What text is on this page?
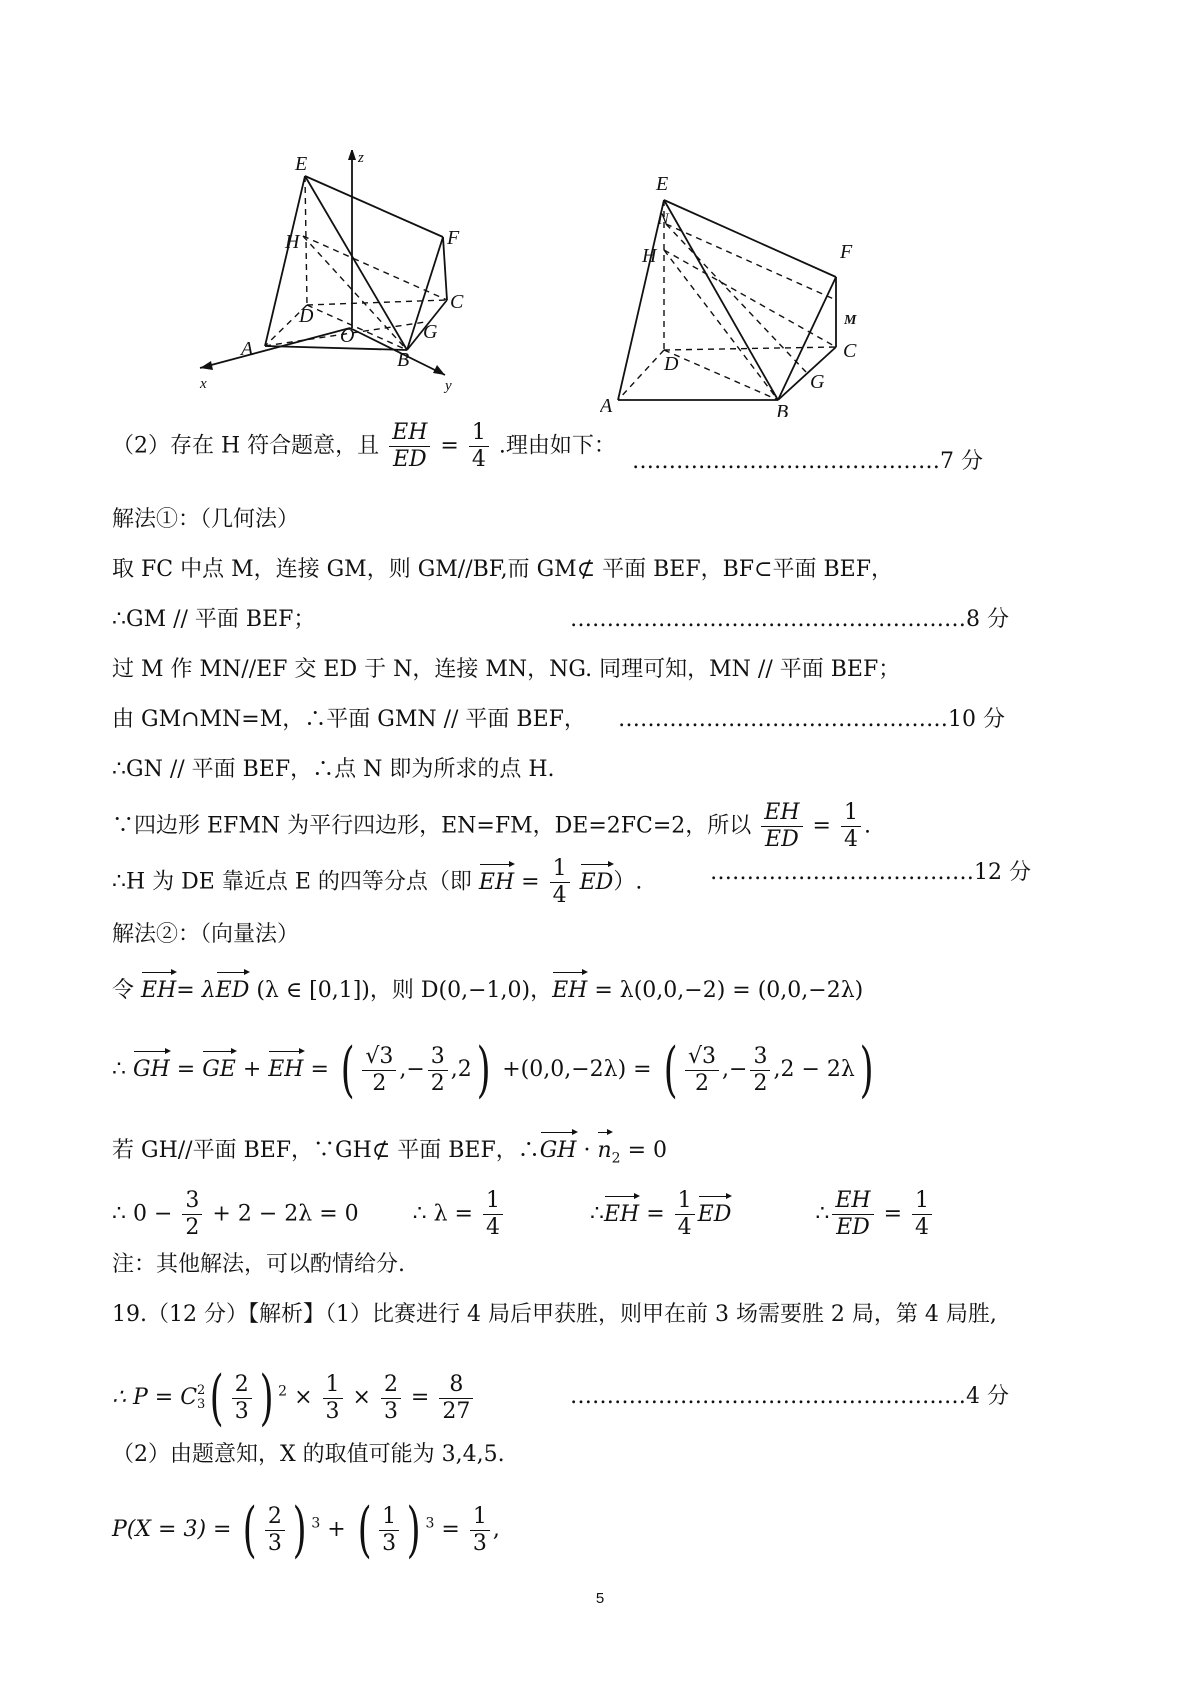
E
F
H
C
D
O	G
A	B
z
x	y
E
N
H	F
M
C
D
G
A	B
（2）存在 H 符合题意，且 $\frac{EH}{ED} = \frac{1}{4}$ .理由如下：
……………………………………7 分
解法①：（几何法）
取 FC 中点 M，连接 GM，则 GM//BF,而 GM⊄ 平面 BEF，BF⊂平面 BEF，
∴GM // 平面 BEF；	………………………………………………8 分
过 M 作 MN//EF 交 ED 于 N，连接 MN，NG. 同理可知，MN // 平面 BEF；
由 GM∩MN=M，∴平面 GMN // 平面 BEF， ………………………………………10 分
∴GN // 平面 BEF，∴点 N 即为所求的点 H.
∵四边形 EFMN 为平行四边形，EN=FM，DE=2FC=2，所以 $\frac{EH}{ED} = \frac{1}{4}$ .
∴H 为 DE 靠近点 E 的四等分点（即 EH = $\frac{1}{4} ED$）.	………………………………12 分
解法②：（向量法）
令 EH= λED (λ ∈ [0,1])，则 D(0,−1,0)，EH = λ(0,0,−2) = (0,0,−2λ)
∴ GH = GE + EH = ( $\frac{√3}{2}$ ,− $\frac{3}{2} ,2) +(0,0,-2\lambda)$ = ( $\frac{√3}{2}$ ,− $\frac{3}{2} ,2 - 2\lambda$)
若 GH//平面 BEF，∵GH⊄ 平面 BEF，∴GH · $n_2 = 0$
∴ $0 - \frac{3}{2} + 2 - 2\lambda = 0$ ∴ $\lambda = \frac{1}{4}$	∴EH = $\frac{1}{4}$ ED	∴ $\frac{EH}{ED} = \frac{1}{4}$
注：其他解法，可以酌情给分.
19.（12 分）【解析】（1）比赛进行 4 局后甲获胜，则甲在前 3 场需要胜 2 局，第 4 局胜,
∴ P = C 2
3 ( $\frac{2}{3}$ ) $^2 \times \frac{1}{3} \times \frac{2}{3} = \frac{8}{27}$	………………………………………………4 分
（2）由题意知，X 的取值可能为 3,4,5.
P(X = 3) = ( $\frac{2}{3}$ ) $^3$ + ( $\frac{1}{3}$ ) $^3 = \frac{1}{3}$ ,
5
